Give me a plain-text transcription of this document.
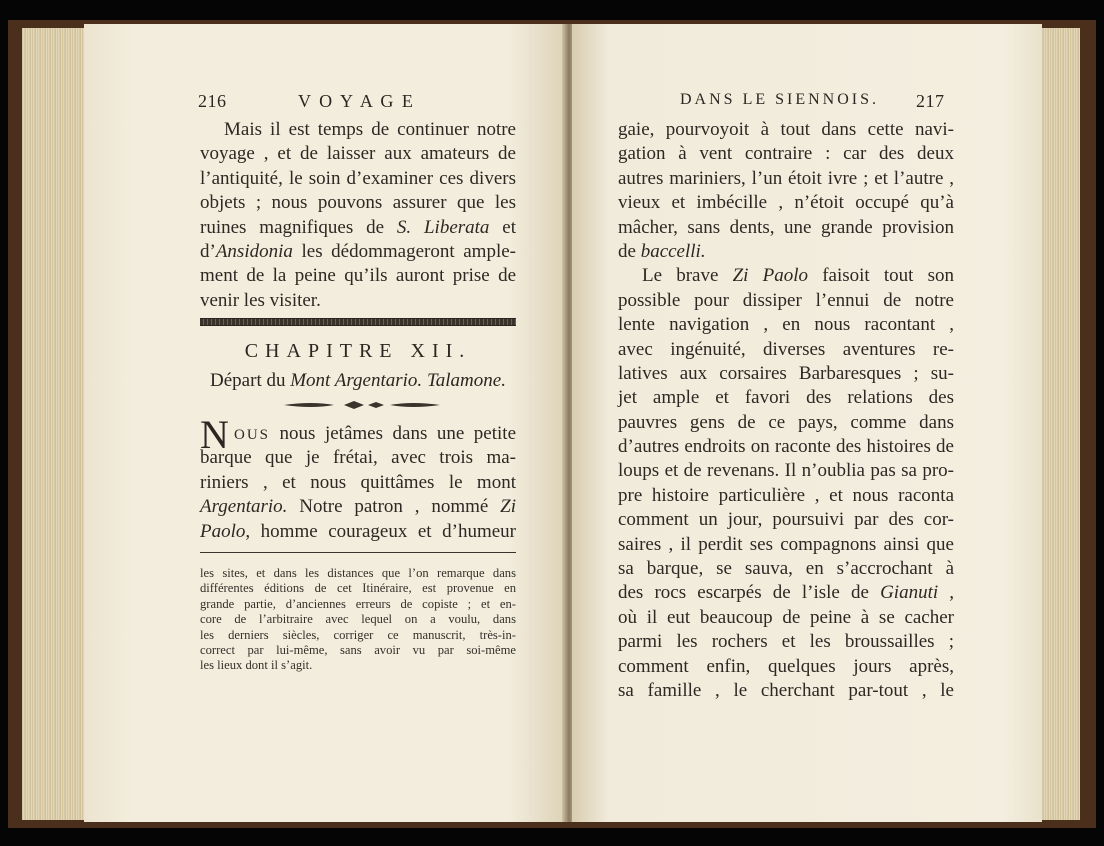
216	V O Y A G E
Mais il est temps de continuer notre
voyage , et de laisser aux amateurs de
l’antiquité, le soin d’examiner ces divers
objets ; nous pouvons assurer que les
ruines magnifiques de S. Liberata et
d’Ansidonia les dédommageront ample-
ment de la peine qu’ils auront prise de
venir les visiter.
CHAPITRE XII.
Départ du Mont Argentario. Talamone.
N OUS nous jetâmes dans une petite
barque que je frétai, avec trois ma-
riniers , et nous quittâmes le mont
Argentario. Notre patron , nommé Zi
Paolo, homme courageux et d’humeur
les sites, et dans les distances que l’on remarque dans
différentes éditions de cet Itinéraire, est provenue en
grande partie, d’anciennes erreurs de copiste ; et en-
core de l’arbitraire avec lequel on a voulu, dans
les derniers siècles, corriger ce manuscrit, très-in-
correct par lui-même, sans avoir vu par soi-même
les lieux dont il s’agit.
DANS LE SIENNOIS. 217
gaie, pourvoyoit à tout dans cette navi-
gation à vent contraire : car des deux
autres mariniers, l’un étoit ivre ; et l’autre ,
vieux et imbécille , n’étoit occupé qu’à
mâcher, sans dents, une grande provision
de baccelli.
Le brave Zi Paolo faisoit tout son
possible pour dissiper l’ennui de notre
lente navigation , en nous racontant ,
avec ingénuité, diverses aventures re-
latives aux corsaires Barbaresques ; su-
jet ample et favori des relations des
pauvres gens de ce pays, comme dans
d’autres endroits on raconte des histoires de
loups et de revenans. Il n’oublia pas sa pro-
pre histoire particulière , et nous raconta
comment un jour, poursuivi par des cor-
saires , il perdit ses compagnons ainsi que
sa barque, se sauva, en s’accrochant à
des rocs escarpés de l’isle de Gianuti ,
où il eut beaucoup de peine à se cacher
parmi les rochers et les broussailles ;
comment enfin, quelques jours après,
sa famille , le cherchant par-tout , le
